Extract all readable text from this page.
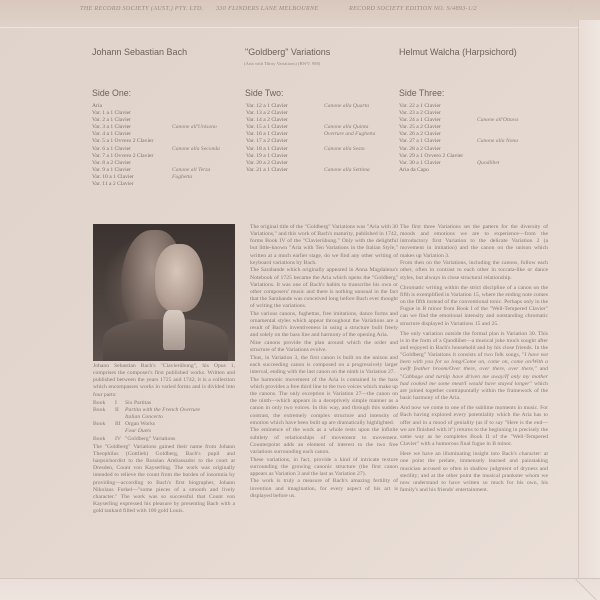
THE RECORD SOCIETY (AUST.) PTY. LTD. 330 FLINDERS LANE MELBOURNE	RECORD SOCIETY EDITION NO. S/4893-1/2
Johann Sebastian Bach	"Goldberg" Variations
(Aria with Thirty Variations) (BWV. 988)
Helmut Walcha (Harpsichord)
Side One:	Side Two:	Side Three:
Aria
Var. 1 a 1 Clavier
Var. 2 a 1 Clavier
Var. 3 a 1 Clavier	Canone all'Unisono
Var. 4 a 1 Clavier
Var. 5 a 1 Ovvero 2 Clavier
Var. 6 a 1 Clavier	Canone alla Seconda
Var. 7 a 1 Ovvero 2 Clavier
Var. 8 a 2 Clavier
Var. 9 a 1 Clavier	Canone all Terza
Var. 10 a 1 Clavier	Fughetta
Var. 11 a 2 Clavier
Var. 12 a 1 Clavier	Canone alla Quarta
Var. 13 a 2 Clavier
Var. 14 a 2 Clavier
Var. 15 a 1 Clavier	Canone alla Quinta
Var. 16 a 1 Clavier	Overture and Fughetta
Var. 17 a 2 Clavier
Var. 18 a 1 Clavier	Canone alla Sesta
Var. 19 a 1 Clavier
Var. 20 a 2 Clavier
Var. 21 a 1 Clavier	Canone alla Settima
Var. 22 a 1 Clavier
Var. 23 a 2 Clavier
Var. 24 a 1 Clavier	Canone all'Ottava
Var. 25 a 2 Clavier
Var. 26 a 2 Clavier
Var. 27 a 1 Clavier	Canone alla Nona
Var. 28 a 2 Clavier
Var. 29 a 1 Ovvero 2 Clavier
Var. 30 a 1 Clavier	Quodlibet
Aria da Capo

Johann Sebastian Bach's "Clavierübung", his Opus 1, comprises the composer's first published works. Written and published between the years 1725 and 1742, it is a collection which encompasses works in varied forms and is divided into four parts:

Book	I	Six Partitas
Book	II	Partita with the French Overture
Italian Concerto
Book	III Organ Works
Four Duets
Book	IV "Goldberg" Variations

The "Goldberg" Variations gained their name from Johann Theophilus (Gottlieb) Goldberg, Bach's pupil and harpsichordist to the Russian Ambassador to the court at Dresden, Count von Kayserling. The work was originally intended to relieve the count from the burden of insomnia by providing—according to Bach's first biographer, Johann Nikolaus Forkel—"some pieces of a smooth and lively character." The work was so successful that Count von Kayserling expressed his pleasure by presenting Bach with a gold tankard filled with 100 gold Louis.

The original title of the "Goldberg" Variations was "Aria with 30 Variations," and this work of Bach's maturity, published in 1742, forms Book IV of the "Clavierübung." Only with the delightful but little-known "Aria with Ten Variations in the Italian Style," written at a much earlier stage, do we find any other writing of keyboard variations by Bach.

The Sarabande which originally appeared in Anna Magdalena's Notebook of 1725 became the Aria which opens the "Goldberg" Variations. It was one of Bach's habits to transcribe his own or other composers' music and there is nothing unusual in the fact that the Sarabande was conceived long before Bach ever thought of writing the variations.

The various canons, fughettas, free imitations, dance forms and ornamental styles which appear throughout the Variations are a result of Bach's inventiveness in using a structure built freely and solely on the bass line and harmony of the opening Aria.

Nine canons provide the plan around which the order and structure of the Variations evolve.

Thus, in Variation 3, the first canon is built on the unison and each succeeding canon is composed on a progressively larger interval, ending with the last canon on the ninth in Variation 27.

The harmonic movement of the Aria is contained in the bass which provides a free third line to the two voices which make up the canons. The only exception is Variation 27—the canon on the ninth—which appears in a deceptively simple manner as a canon in only two voices. In this way, and through this sudden contrast, the extremely complex structure and intensity of emotion which have been built up are dramatically highlighted.

The eminence of the work as a whole rests upon the infinite subtlety of relationships of movement to movement. Counterpoint adds an element of interest to the two free variations surrounding each canon.

These variations, in fact, provide a kind of intricate texture surrounding the growing canonic structure (the first canon appears as Variation 3 and the last as Variation 27).

The work is truly a measure of Bach's amazing fertility of invention and imagination, for every aspect of his art is displayed before us.

The first three Variations set the pattern for the diversity of moods and emotions we are to experience—from the introductory first Variation to the delicate Variation 2 (a movement in imitation) and the canon on the unison which makes up Variation 3.

From then on the Variations, including the canons, follow each other, often in contrast to each other in toccata-like or dance styles, but always in close structural relationship.

Chromatic writing within the strict discipline of a canon on the fifth is exemplified in Variation 15, where the ending note comes on the fifth instead of the conventional tonic. Perhaps only in the Fugue in B minor from Book I of the "Well-Tempered Clavier" can we find the emotional intensity and outstanding chromatic structure displayed in Variations 15 and 25.

The only variation outside the formal plan is Variation 30. This is in the form of a Quodlibet—a musical joke much sought after and enjoyed in Bach's household and by his close friends. In the "Goldberg" Variations it consists of two folk songs, "I have not been with you for so long/Come on, come on, come on/With a swift feather broom/Over there, over there, over there," and "Cabbage and turnip have driven me away/If only my mother had cooked me some meat/I would have stayed longer" which are joined together contrapuntally within the framework of the basic harmony of the Aria.

And now we come to one of the sublime moments in music. For Bach having explored every potentiality which the Aria has to offer and in a mood of geniality (as if to say "Here is the end—we are finished with it") returns to the beginning in precisely the same way as he completes Book II of the "Well-Tempered Clavier" with a humorous final fugue in B minor.

Here we have an illuminating insight into Bach's character: at one point the prelate, immensely learned and painstaking musician accused so often in shallow judgment of dryness and sterility; and at the other point the musical prankster whom we now understand to have written so much for his own, his family's and his friends' entertainment.
